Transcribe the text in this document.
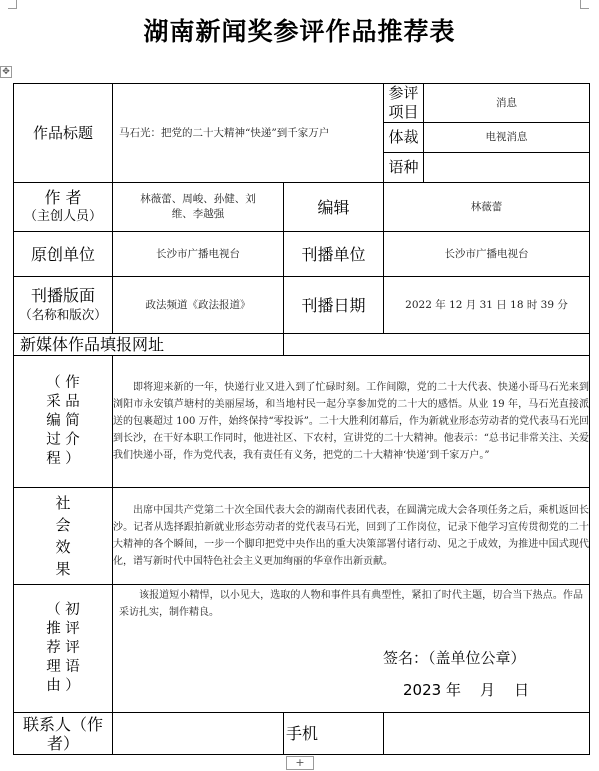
湖南新闻奖参评作品推荐表
✥
作品标题	马石光：把党的二十大精神“快递”到千家万户		参评项目	消息
			体裁	电视消息
			语种	

作 者
（主创人员）	林薇蕾、周峻、孙健、刘维、李越强	编辑	林薇蕾	
原创单位	长沙市广播电视台	刊播单位	长沙市广播电视台	

刊播版面
（名称和版次）	政法频道《政法报道》	刊播日期	2022 年 12 月 31 日 18 时 39 分	
新媒体作品填报网址				

（ 作采 品编 简过 介程 ）	即将迎来新的一年，快递行业又进入到了忙碌时刻。工作间隙，党的二十大代表、快递小哥马石光来到浏阳市永安镇芦塘村的美丽屋场，和当地村民一起分享参加党的二十大的感悟。从业 19 年，马石光直接派送的包裹超过 100 万件，始终保持“零投诉”。二十大胜利闭幕后，作为新就业形态劳动者的党代表马石光回到长沙，在干好本职工作同时，他进社区、下农村，宣讲党的二十大精神。他表示：“总书记非常关注、关爱我们快递小哥，作为党代表，我有责任有义务，把党的二十大精神‘快递’到千家万户。”			

社 会 效 果	出席中国共产党第二十次全国代表大会的湖南代表团代表，在圆满完成大会各项任务之后，乘机返回长沙。记者从选择跟拍新就业形态劳动者的党代表马石光，回到了工作岗位，记录下他学习宣传贯彻党的二十大精神的各个瞬间，一步一个脚印把党中央作出的重大决策部署付诸行动、见之于成效，为推进中国式现代化，谱写新时代中国特色社会主义更加绚丽的华章作出新贡献。			

（ 初推 评荐 评理 语由 ）	该报道短小精悍，以小见大，选取的人物和事件具有典型性，紧扣了时代主题，切合当下热点。作品采访扎实，制作精良。
签名：（盖单位公章）
2023 年    月    日			

联系人（作者）		手机		
+
